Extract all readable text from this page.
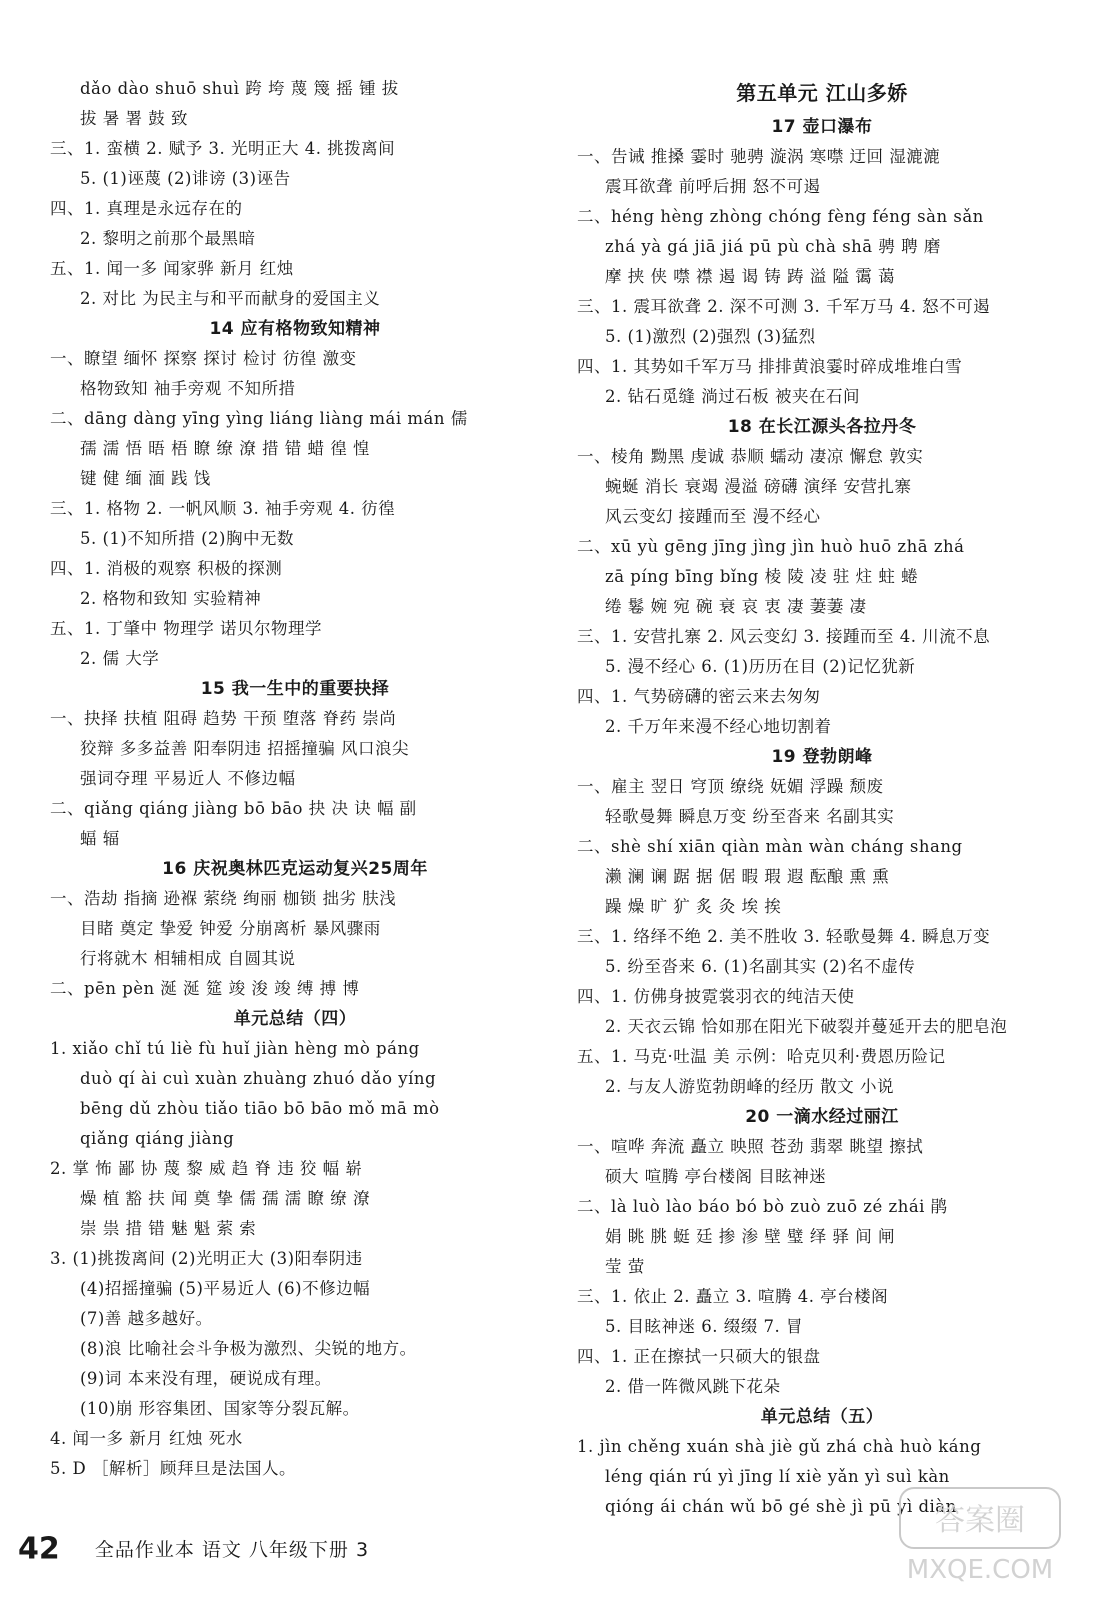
dǎo dào shuō shuì 跨 垮 蔑 篾 摇 锺 拔
拔 暑 署 鼓 致
三、1. 蛮横 2. 赋予 3. 光明正大 4. 挑拨离间
5. (1)诬蔑 (2)诽谤 (3)诬告
四、1. 真理是永远存在的
2. 黎明之前那个最黑暗
五、1. 闻一多 闻家骅 新月 红烛
2. 对比 为民主与和平而献身的爱国主义
14 应有格物致知精神
一、瞭望 缅怀 探察 探讨 检讨 彷徨 激变
格物致知 袖手旁观 不知所措
二、dāng dàng yīng yìng liáng liàng mái mán 儒
孺 濡 悟 晤 梧 瞭 缭 潦 措 错 蜡 徨 惶
键 健 缅 湎 践 饯
三、1. 格物 2. 一帆风顺 3. 袖手旁观 4. 彷徨
5. (1)不知所措 (2)胸中无数
四、1. 消极的观察 积极的探测
2. 格物和致知 实验精神
五、1. 丁肇中 物理学 诺贝尔物理学
2. 儒 大学
15 我一生中的重要抉择
一、抉择 扶植 阻碍 趋势 干预 堕落 脊药 崇尚
狡辩 多多益善 阳奉阴违 招摇撞骗 风口浪尖
强词夺理 平易近人 不修边幅
二、qiǎng qiáng jiàng bō bāo 抉 决 诀 幅 副
蝠 辐
16 庆祝奥林匹克运动复兴25周年
一、浩劫 指摘 逊褓 萦绕 绚丽 枷锁 拙劣 肤浅
目睹 奠定 挚爱 钟爱 分崩离析 暴风骤雨
行将就木 相辅相成 自圆其说
二、pēn pèn 涎 涎 筵 竣 浚 竣 缚 搏 博
单元总结（四）
1. xiǎo chǐ tú liè fù huǐ jiàn hèng mò páng
duò qí ài cuì xuàn zhuàng zhuó dǎo yíng
bēng dǔ zhòu tiǎo tiāo bō bāo mǒ mā mò
qiǎng qiáng jiàng
2. 掌 怖 鄙 协 蔑 黎 威 趋 脊 违 狡 幅 崭
燥 植 豁 扶 闻 奠 挚 儒 孺 濡 瞭 缭 潦
崇 祟 措 错 魅 魁 萦 索
3. (1)挑拨离间 (2)光明正大 (3)阳奉阴违
(4)招摇撞骗 (5)平易近人 (6)不修边幅
(7)善 越多越好。
(8)浪 比喻社会斗争极为激烈、尖锐的地方。
(9)词 本来没有理，硬说成有理。
(10)崩 形容集团、国家等分裂瓦解。
4. 闻一多 新月 红烛 死水
5. D ［解析］顾拜旦是法国人。
第五单元 江山多娇
17 壶口瀑布
一、告诫 推搡 霎时 驰骋 漩涡 寒噤 迂回 湿漉漉
震耳欲聋 前呼后拥 怒不可遏
二、héng hèng zhòng chóng fèng féng sàn sǎn
zhá yà gá jiā jiá pū pù chà shā 骋 聘 磨
摩 挟 侠 噤 襟 遏 谒 铸 踌 溢 隘 霭 蔼
三、1. 震耳欲聋 2. 深不可测 3. 千军万马 4. 怒不可遏
5. (1)激烈 (2)强烈 (3)猛烈
四、1. 其势如千军万马 排排黄浪霎时碎成堆堆白雪
2. 钻石觅缝 淌过石板 被夹在石间
18 在长江源头各拉丹冬
一、棱角 黝黑 虔诚 恭顺 蠕动 凄凉 懈怠 敦实
蜿蜒 消长 衰竭 漫溢 磅礴 演绎 安营扎寨
风云变幻 接踵而至 漫不经心
二、xū yù gēng jīng jìng jìn huò huō zhā zhá
zā píng bīng bǐng 棱 陵 凌 驻 炷 蛀 蜷
绻 鬈 婉 宛 碗 衰 哀 衷 凄 萋萋 凄
三、1. 安营扎寨 2. 风云变幻 3. 接踵而至 4. 川流不息
5. 漫不经心 6. (1)历历在目 (2)记忆犹新
四、1. 气势磅礴的密云来去匆匆
2. 千万年来漫不经心地切割着
19 登勃朗峰
一、雇主 翌日 穹顶 缭绕 妩媚 浮躁 颓废
轻歌曼舞 瞬息万变 纷至沓来 名副其实
二、shè shí xiān qiàn màn wàn cháng shang
濑 澜 谰 踞 据 倨 暇 瑕 遐 酝酿 熏 熏
躁 燥 旷 犷 炙 灸 埃 挨
三、1. 络绎不绝 2. 美不胜收 3. 轻歌曼舞 4. 瞬息万变
5. 纷至沓来 6. (1)名副其实 (2)名不虚传
四、1. 仿佛身披霓裳羽衣的纯洁天使
2. 天衣云锦 恰如那在阳光下破裂并蔓延开去的肥皂泡
五、1. 马克·吐温 美 示例：哈克贝利·费恩历险记
2. 与友人游览勃朗峰的经历 散文 小说
20 一滴水经过丽江
一、喧哗 奔流 矗立 映照 苍劲 翡翠 眺望 擦拭
硕大 喧腾 亭台楼阁 目眩神迷
二、là luò lào báo bó bò zuò zuō zé zhái 鹃
娟 眺 朓 蜓 廷 掺 渗 壁 璧 绎 驿 间 闸
莹 萤
三、1. 依止 2. 矗立 3. 喧腾 4. 亭台楼阁
5. 目眩神迷 6. 缀缀 7. 冒
四、1. 正在擦拭一只硕大的银盘
2. 借一阵微风跳下花朵
单元总结（五）
1. jìn chěng xuán shà jiè gǔ zhá chà huò káng
léng qián rú yì jīng lí xiè yǎn yì suì kàn
qióng ái chán wǔ bō gé shè jì pū yì diàn
42 全品作业本 语文 八年级下册 3
答案圈
MXQE.COM
